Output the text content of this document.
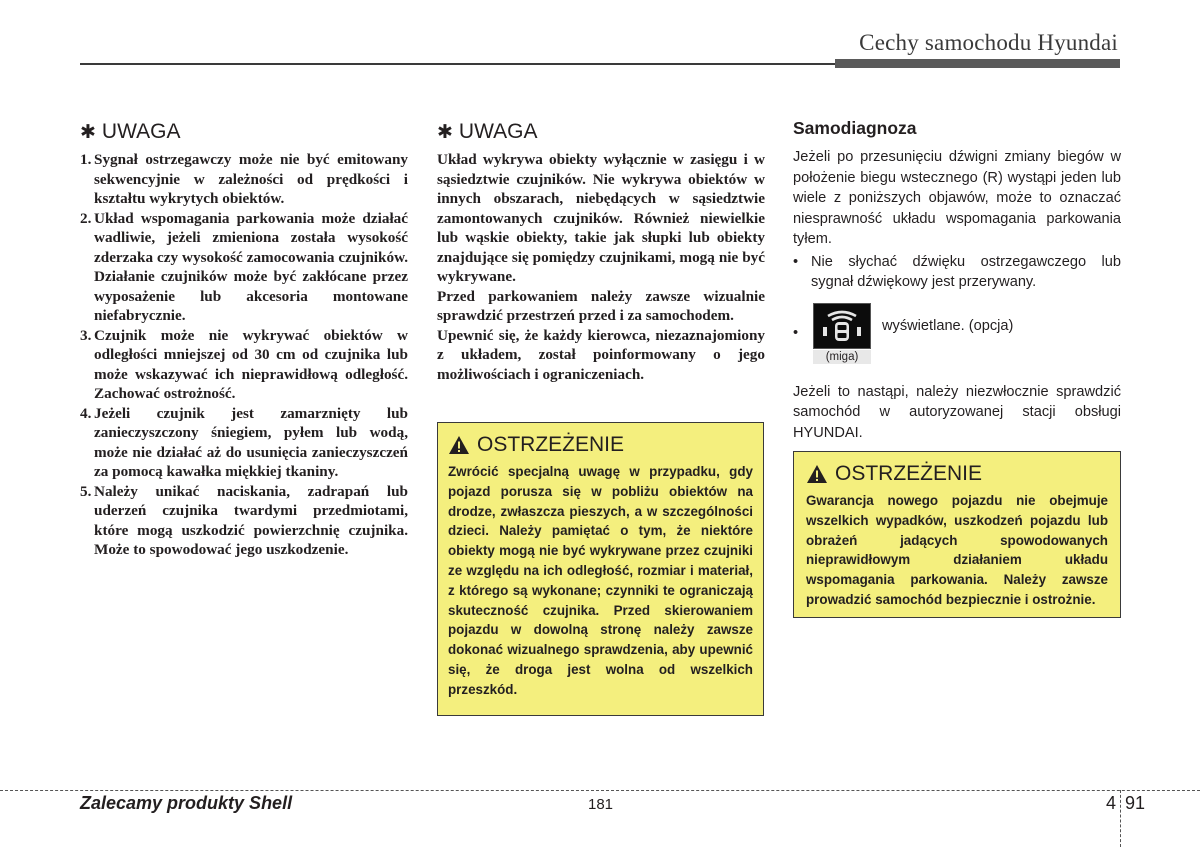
Cechy samochodu Hyundai
✱ UWAGA
1. Sygnał ostrzegawczy może nie być emitowany sekwencyjnie w zależności od prędkości i kształtu wykrytych obiektów.
2. Układ wspomagania parkowania może działać wadliwie, jeżeli zmieniona została wysokość zderzaka czy wysokość zamocowania czujników. Działanie czujników może być zakłócane przez wyposażenie lub akcesoria montowane niefabrycznie.
3. Czujnik może nie wykrywać obiektów w odległości mniejszej od 30 cm od czujnika lub może wskazywać ich nieprawidłową odległość. Zachować ostrożność.
4. Jeżeli czujnik jest zamarznięty lub zanieczyszczony śniegiem, pyłem lub wodą, może nie działać aż do usunięcia zanieczyszczeń za pomocą kawałka miękkiej tkaniny.
5. Należy unikać naciskania, zadrapań lub uderzeń czujnika twardymi przedmiotami, które mogą uszkodzić powierzchnię czujnika. Może to spowodować jego uszkodzenie.
✱ UWAGA

Układ wykrywa obiekty wyłącznie w zasięgu i w sąsiedztwie czujników. Nie wykrywa obiektów w innych obszarach, niebędących w sąsiedztwie zamontowanych czujników. Również niewielkie lub wąskie obiekty, takie jak słupki lub obiekty znajdujące się pomiędzy czujnikami, mogą nie być wykrywane.

Przed parkowaniem należy zawsze wizualnie sprawdzić przestrzeń przed i za samochodem.

Upewnić się, że każdy kierowca, niezaznajomiony z układem, został poinformowany o jego możliwościach i ograniczeniach.

OSTRZEŻENIE

Zwrócić specjalną uwagę w przypadku, gdy pojazd porusza się w pobliżu obiektów na drodze, zwłaszcza pieszych, a w szczególności dzieci. Należy pamiętać o tym, że niektóre obiekty mogą nie być wykrywane przez czujniki ze względu na ich odległość, rozmiar i materiał, z którego są wykonane; czynniki te ograniczają skuteczność czujnika. Przed skierowaniem pojazdu w dowolną stronę należy zawsze dokonać wizualnego sprawdzenia, aby upewnić się, że droga jest wolna od wszelkich przeszkód.

Samodiagnoza

Jeżeli po przesunięciu dźwigni zmiany biegów w położenie biegu wstecznego (R) wystąpi jeden lub wiele z poniższych objawów, może to oznaczać niesprawność układu wspomagania parkowania tyłem.

• Nie słychać dźwięku ostrzegawczego lub sygnał dźwiękowy jest przerywany.
•
(miga)
wyświetlane. (opcja)

Jeżeli to nastąpi, należy niezwłocznie sprawdzić samochód w autoryzowanej stacji obsługi HYUNDAI.

OSTRZEŻENIE

Gwarancja nowego pojazdu nie obejmuje wszelkich wypadków, uszkodzeń pojazdu lub obrażeń jadących spowodowanych nieprawidłowym działaniem układu wspomagania parkowania. Należy zawsze prowadzić samochód bezpiecznie i ostrożnie.

Zalecamy produkty Shell	181	4 91
